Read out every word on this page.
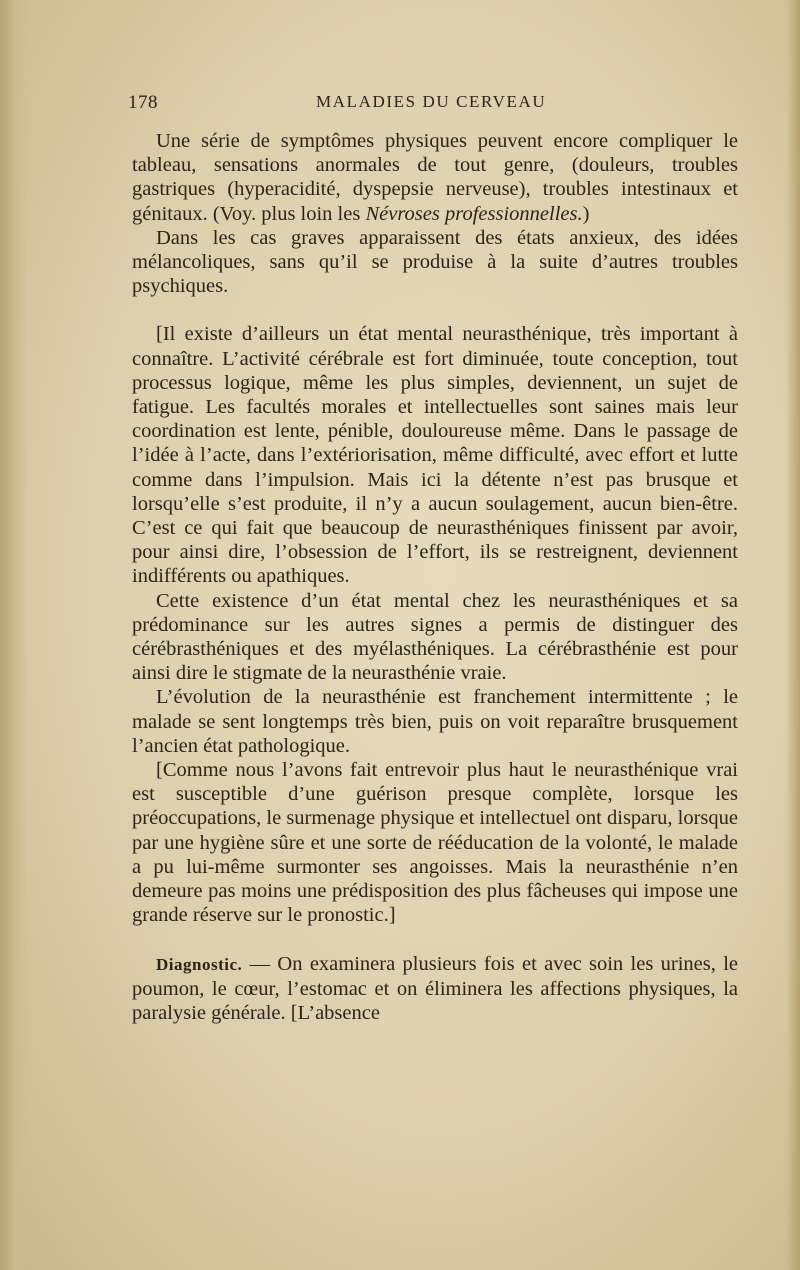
178	MALADIES DU CERVEAU

Une série de symptômes physiques peuvent encore compliquer le tableau, sensations anormales de tout genre, (douleurs, troubles gastriques (hyperacidité, dyspepsie nerveuse), troubles intestinaux et génitaux. (Voy. plus loin les Névroses professionnelles.)

Dans les cas graves apparaissent des états anxieux, des idées mélancoliques, sans qu’il se produise à la suite d’autres troubles psychiques.

[Il existe d’ailleurs un état mental neurasthénique, très important à connaître. L’activité cérébrale est fort diminuée, toute conception, tout processus logique, même les plus simples, deviennent, un sujet de fatigue. Les facultés morales et intellectuelles sont saines mais leur coordination est lente, pénible, douloureuse même. Dans le passage de l’idée à l’acte, dans l’extériorisation, même difficulté, avec effort et lutte comme dans l’impulsion. Mais ici la détente n’est pas brusque et lorsqu’elle s’est produite, il n’y a aucun soulagement, aucun bien-être. C’est ce qui fait que beaucoup de neurasthéniques finissent par avoir, pour ainsi dire, l’obsession de l’effort, ils se restreignent, deviennent indifférents ou apathiques.

Cette existence d’un état mental chez les neurasthéniques et sa prédominance sur les autres signes a permis de distinguer des cérébrasthéniques et des myélasthéniques. La cérébrasthénie est pour ainsi dire le stigmate de la neurasthénie vraie.

L’évolution de la neurasthénie est franchement intermittente ; le malade se sent longtemps très bien, puis on voit reparaître brusquement l’ancien état pathologique.

[Comme nous l’avons fait entrevoir plus haut le neurasthénique vrai est susceptible d’une guérison presque complète, lorsque les préoccupations, le surmenage physique et intellectuel ont disparu, lorsque par une hygiène sûre et une sorte de rééducation de la volonté, le malade a pu lui-même surmonter ses angoisses. Mais la neurasthénie n’en demeure pas moins une prédisposition des plus fâcheuses qui impose une grande réserve sur le pronostic.]

Diagnostic. — On examinera plusieurs fois et avec soin les urines, le poumon, le cœur, l’estomac et on éliminera les affections physiques, la paralysie générale. [L’absence
